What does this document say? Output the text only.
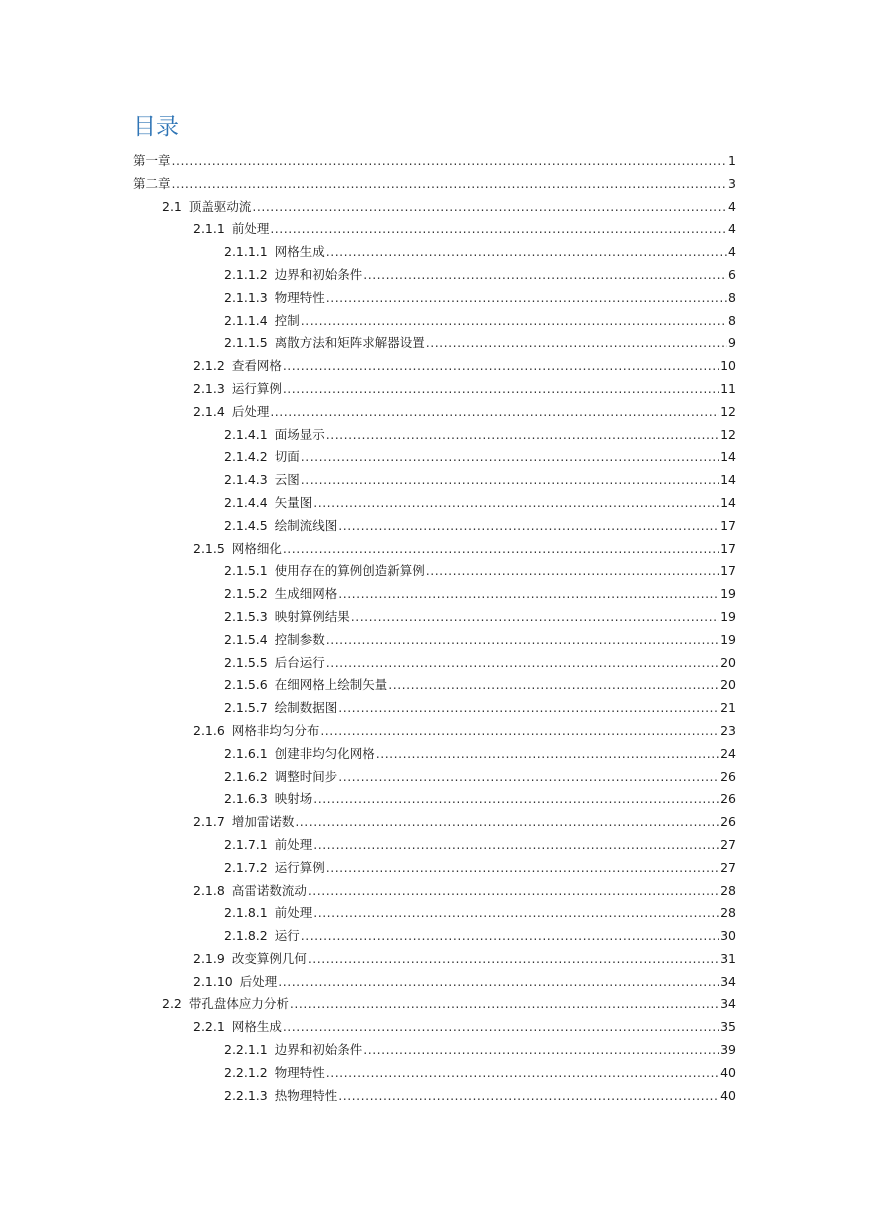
目录
第一章 .....	1
第二章 .....	3
2.1 顶盖驱动流 .....	4
2.1.1 前处理 .....	4
2.1.1.1 网格生成 .....	4
2.1.1.2 边界和初始条件 .....	6
2.1.1.3 物理特性 .....	8
2.1.1.4 控制 .....	8
2.1.1.5 离散方法和矩阵求解器设置 .....	9
2.1.2 查看网格 .....	10
2.1.3 运行算例 .....	11
2.1.4 后处理 .....	12
2.1.4.1 面场显示 .....	12
2.1.4.2 切面 .....	14
2.1.4.3 云图 .....	14
2.1.4.4 矢量图 .....	14
2.1.4.5 绘制流线图 .....	17
2.1.5 网格细化 .....	17
2.1.5.1 使用存在的算例创造新算例 .....	17
2.1.5.2 生成细网格 .....	19
2.1.5.3 映射算例结果 .....	19
2.1.5.4 控制参数 .....	19
2.1.5.5 后台运行 .....	20
2.1.5.6 在细网格上绘制矢量 .....	20
2.1.5.7 绘制数据图 .....	21
2.1.6 网格非均匀分布 .....	23
2.1.6.1 创建非均匀化网格 .....	24
2.1.6.2 调整时间步 .....	26
2.1.6.3 映射场 .....	26
2.1.7 增加雷诺数 .....	26
2.1.7.1 前处理 .....	27
2.1.7.2 运行算例 .....	27
2.1.8 高雷诺数流动 .....	28
2.1.8.1 前处理 .....	28
2.1.8.2 运行 .....	30
2.1.9 改变算例几何 .....	31
2.1.10 后处理 .....	34
2.2 带孔盘体应力分析 .....	34
2.2.1 网格生成 .....	35
2.2.1.1 边界和初始条件 .....	39
2.2.1.2 物理特性 .....	40
2.2.1.3 热物理特性 .....	40
